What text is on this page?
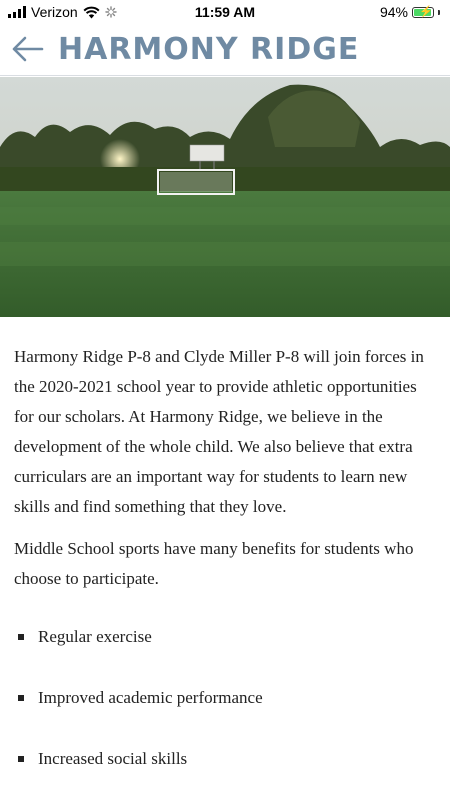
Verizon	11:59 AM	94% ⚡
HARMONY RIDGE

Harmony Ridge P-8 and Clyde Miller P-8 will join forces in the 2020-2021 school year to provide athletic opportunities for our scholars. At Harmony Ridge, we believe in the development of the whole child. We also believe that extra curriculars are an important way for students to learn new skills and find something that they love.

Middle School sports have many benefits for students who choose to participate.

Regular exercise
Improved academic performance
Increased social skills
